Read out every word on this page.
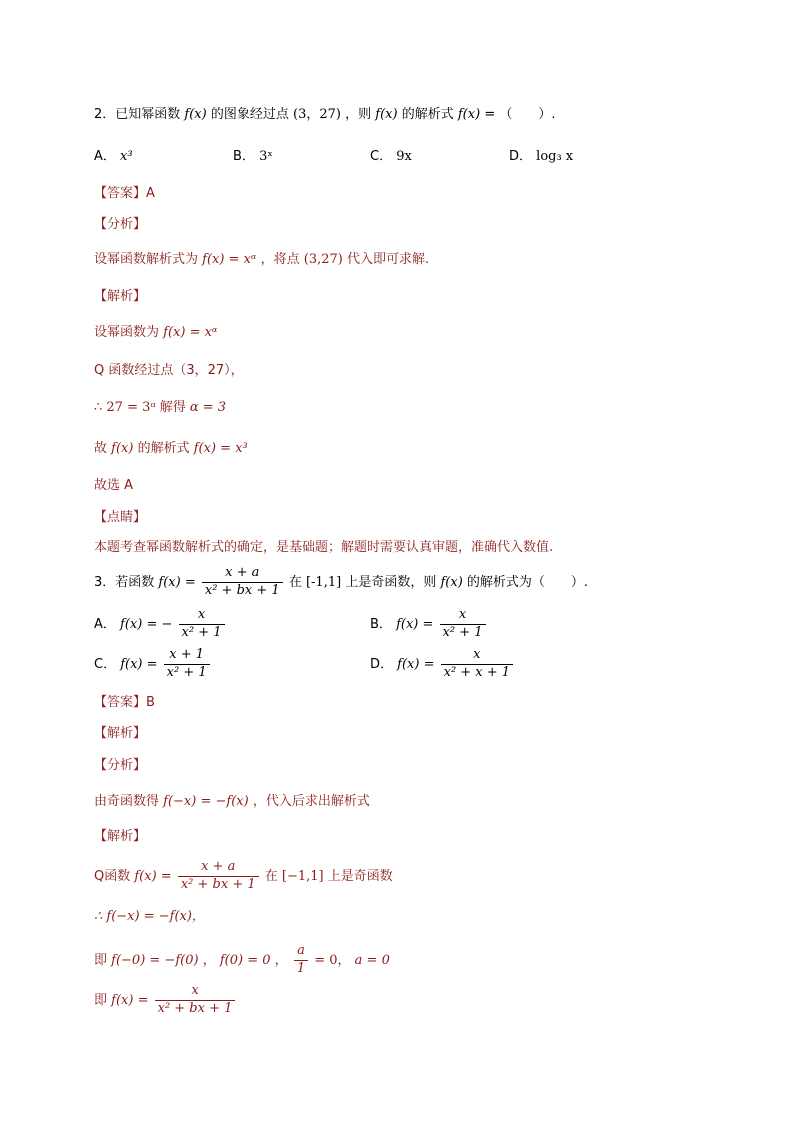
2．已知幂函数 f(x) 的图象经过点 (3，27) ，则 f(x) 的解析式 f(x) = （　　）.
A． x³	B． 3ˣ	C． 9x	D． log₃ x
【答案】A
【分析】
设幂函数解析式为 f(x) = xᵅ ，将点 (3,27) 代入即可求解.
【解析】
设幂函数为 f(x) = xᵅ
Q 函数经过点（3，27），
∴ 27 = 3ᵅ 解得 α = 3
故 f(x) 的解析式 f(x) = x³
故选 A
【点睛】
本题考查幂函数解析式的确定，是基础题；解题时需要认真审题，准确代入数值.
3．若函数 $f(x) = \frac{x + a}{\text{x² + bx + 1}}$ 在 [-1,1] 上是奇函数，则 f(x) 的解析式为（　　）.
A． f(x) = − $\frac{x}{\text{x² + 1}}$	B． $f(x) = \frac{x}{\text{x² + 1}}$
C． $f(x) = \frac{x + 1}{\text{x² + 1}}$	D． $f(x) = \frac{x}{\text{x² + x + 1}}$
【答案】B
【解析】
【分析】
由奇函数得 f(−x) = −f(x) ，代入后求出解析式
【解析】
Q函数 $f(x) = \frac{x + a}{\text{x² + bx + 1}}$ 在 [−1,1] 上是奇函数
∴ f(−x) = −f(x)，
即 f(−0) = −f(0) ， f(0) = 0 ， $\frac{a}{1} = 0$， a = 0
即 $f(x) = \frac{x}{\text{x² + bx + 1}}$
